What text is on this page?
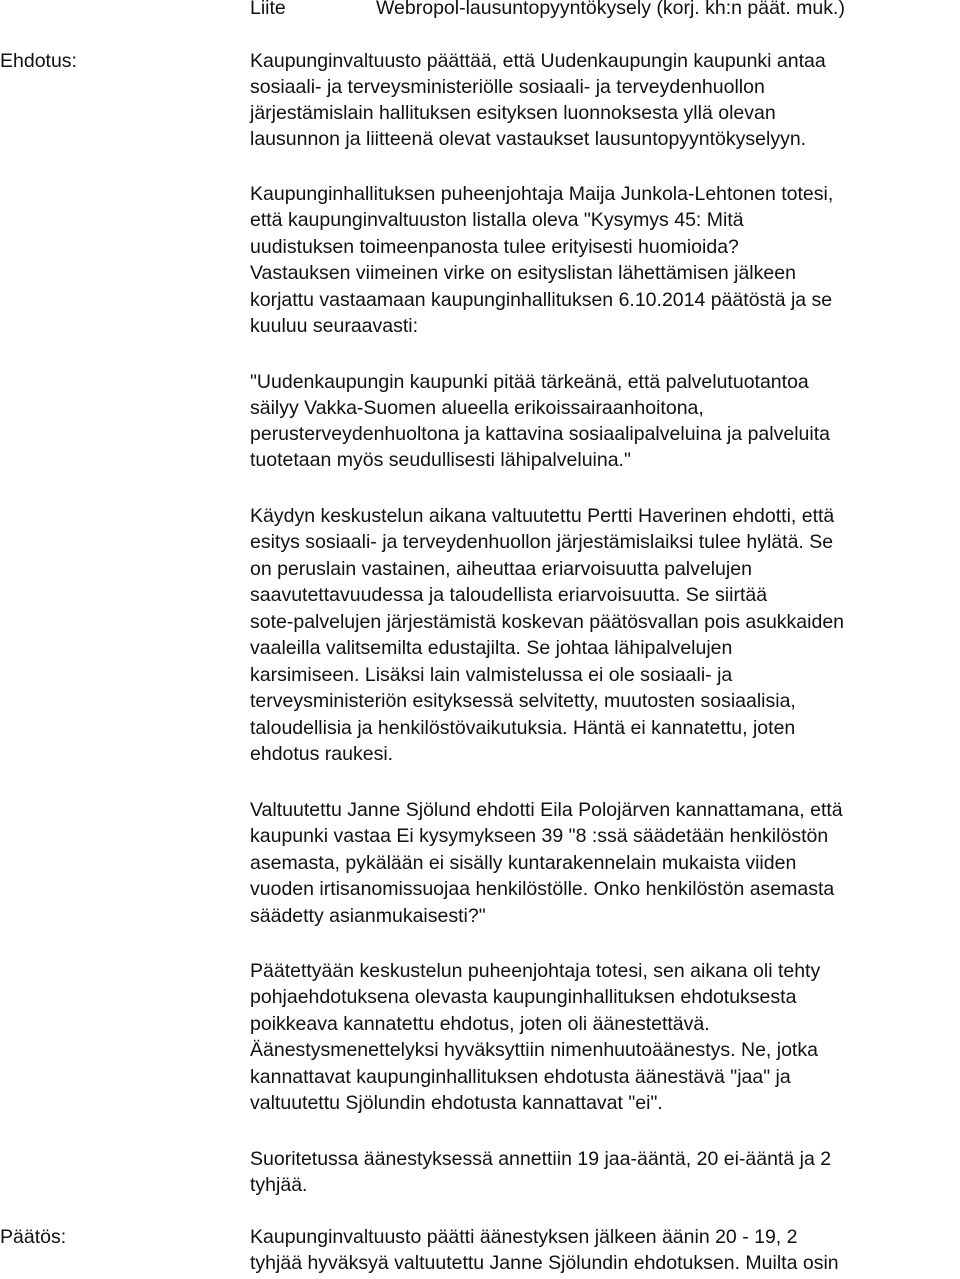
Liite	Webropol-lausuntopyyntökysely (korj. kh:n päät. muk.)
Ehdotus:	Kaupunginvaltuusto päättää, että Uudenkaupungin kaupunki antaa
sosiaali- ja terveysministeriölle sosiaali- ja terveydenhuollon
järjestämislain hallituksen esityksen luonnoksesta yllä olevan
lausunnon ja liitteenä olevat vastaukset lausuntopyyntökyselyyn.
Kaupunginhallituksen puheenjohtaja Maija Junkola-Lehtonen totesi,
että kaupunginvaltuuston listalla oleva "Kysymys 45: Mitä
uudistuksen toimeenpanosta tulee erityisesti huomioida?
Vastauksen viimeinen virke on esityslistan lähettämisen jälkeen
korjattu vastaamaan kaupunginhallituksen 6.10.2014 päätöstä ja se
kuuluu seuraavasti:
"Uudenkaupungin kaupunki pitää tärkeänä, että palvelutuotantoa
säilyy Vakka-Suomen alueella erikoissairaanhoitona,
perusterveydenhuoltona ja kattavina sosiaalipalveluina ja palveluita
tuotetaan myös seudullisesti lähipalveluina."
Käydyn keskustelun aikana valtuutettu Pertti Haverinen ehdotti, että
esitys sosiaali- ja terveydenhuollon järjestämislaiksi tulee hylätä. Se
on peruslain vastainen, aiheuttaa eriarvoisuutta palvelujen
saavutettavuudessa ja taloudellista eriarvoisuutta. Se siirtää
sote-palvelujen järjestämistä koskevan päätösvallan pois asukkaiden
vaaleilla valitsemilta edustajilta. Se johtaa lähipalvelujen
karsimiseen. Lisäksi lain valmistelussa ei ole sosiaali- ja
terveysministeriön esityksessä selvitetty, muutosten sosiaalisia,
taloudellisia ja henkilöstövaikutuksia. Häntä ei kannatettu, joten
ehdotus raukesi.
Valtuutettu Janne Sjölund ehdotti Eila Polojärven kannattamana, että
kaupunki vastaa Ei kysymykseen 39 "8 :ssä säädetään henkilöstön
asemasta, pykälään ei sisälly kuntarakennelain mukaista viiden
vuoden irtisanomissuojaa henkilöstölle. Onko henkilöstön asemasta
säädetty asianmukaisesti?"
Päätettyään keskustelun puheenjohtaja totesi, sen aikana oli tehty
pohjaehdotuksena olevasta kaupunginhallituksen ehdotuksesta
poikkeava kannatettu ehdotus, joten oli äänestettävä.
Äänestysmenettelyksi hyväksyttiin nimenhuutoäänestys. Ne, jotka
kannattavat kaupunginhallituksen ehdotusta äänestävä "jaa" ja
valtuutettu Sjölundin ehdotusta kannattavat "ei".
Suoritetussa äänestyksessä annettiin 19 jaa-ääntä, 20 ei-ääntä ja 2
tyhjää.
Päätös:	Kaupunginvaltuusto päätti äänestyksen jälkeen äänin 20 - 19, 2
tyhjää hyväksyä valtuutettu Janne Sjölundin ehdotuksen. Muilta osin
